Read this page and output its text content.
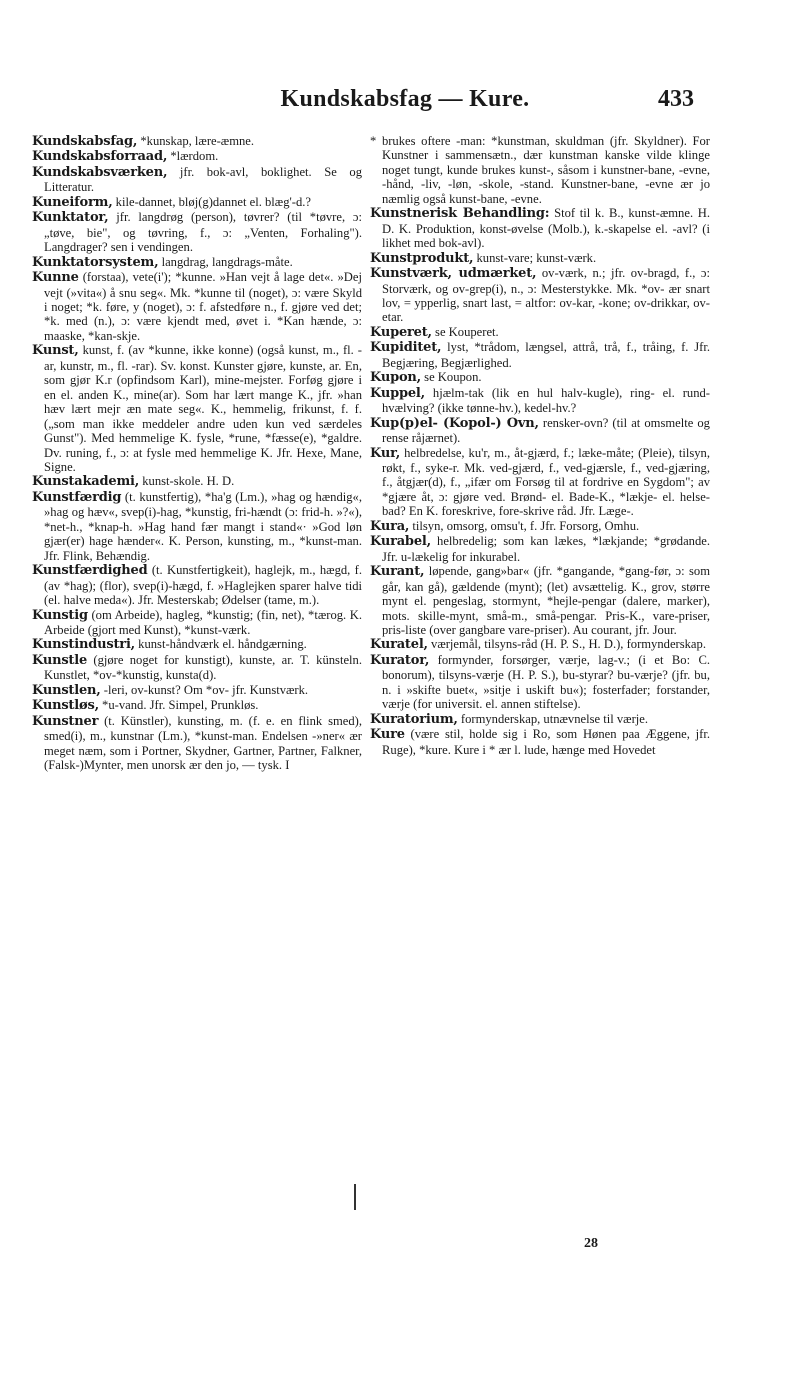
Kundskabsfag — Kure.	433

Kundskabsfag, *kunskap, lære-æmne.

Kundskabsforraad, *lærdom.

Kundskabsværken, jfr. bok-avl, boklighet. Se og Litteratur.

Kuneiform, kile-dannet, bløj(g)dannet el. blæg'-d.?

Kunktator, jfr. langdrøg (person), tøvrer? (til *tøvre, ɔ: „tøve, bie", og tøvring, f., ɔ: „Venten, Forhaling"). Langdrager? sen i vendingen.

Kunktatorsystem, langdrag, langdrags-måte.

Kunne (forstaa), vete(i'); *kunne. »Han vejt å lage det«. »Dej vejt (»vita«) å snu seg«. Mk. *kunne til (noget), ɔ: være Skyld i noget; *k. føre, y (noget), ɔ: f. afstedføre n., f. gjøre ved det; *k. med (n.), ɔ: være kjendt med, øvet i. *Kan hænde, ɔ: maaske, *kan-skje.

Kunst, kunst, f. (av *kunne, ikke konne) (også kunst, m., fl. -ar, kunstr, m., fl. -rar). Sv. konst. Kunster gjøre, kunste, ar. En, som gjør K.r (opfindsom Karl), mine-mejster. Forføg gjøre i en el. anden K., mine(ar). Som har lært mange K., jfr. »han hæv lært mejr æn mate seg«. K., hemmelig, frikunst, f. f. („som man ikke meddeler andre uden kun ved særdeles Gunst"). Med hemmelige K. fysle, *rune, *fæsse(e), *galdre. Dv. runing, f., ɔ: at fysle med hemmelige K. Jfr. Hexe, Mane, Signe.

Kunstakademi, kunst-skole. H. D.

Kunstfærdig (t. kunstfertig), *ha'g (Lm.), »hag og hændig«, »hag og hæv«, svep(i)-hag, *kunstig, fri-hændt (ɔ: frid-h. »?«), *net-h., *knap-h. »Hag hand fær mangt i stand«· »God løn gjær(er) hage hænder«. K. Person, kunsting, m., *kunst-man. Jfr. Flink, Behændig.

Kunstfærdighed (t. Kunstfertigkeit), haglejk, m., hægd, f. (av *hag); (flor), svep(i)-hægd, f. »Haglejken sparer halve tidi (el. halve meda«). Jfr. Mesterskab; Ødelser (tame, m.).

Kunstig (om Arbeide), hagleg, *kunstig; (fin, net), *tærog. K. Arbeide (gjort med Kunst), *kunst-værk.

Kunstindustri, kunst-håndværk el. håndgærning.

Kunstle (gjøre noget for kunstigt), kunste, ar. T. künsteln. Kunstlet, *ov-*kunstig, kunsta(d).

Kunstlen, -leri, ov-kunst? Om *ov- jfr. Kunstværk.

Kunstløs, *u-vand. Jfr. Simpel, Prunkløs.

Kunstner (t. Künstler), kunsting, m. (f. e. en flink smed), smed(i), m., kunstnar (Lm.), *kunst-man. Endelsen -»ner« ær meget næm, som i Portner, Skydner, Gartner, Partner, Falkner, (Falsk-)Mynter, men unorsk ær den jo, — tysk. I

* brukes oftere -man: *kunstman, skuldman (jfr. Skyldner). For Kunstner i sammensætn., dær kunstman kanske vilde klinge noget tungt, kunde brukes kunst-, såsom i kunstner-bane, -evne, -hånd, -liv, -løn, -skole, -stand. Kunstner-bane, -evne ær jo næmlig også kunst-bane, -evne.

Kunstnerisk Behandling: Stof til k. B., kunst-æmne. H. D. K. Produktion, konst-øvelse (Molb.), k.-skapelse el. -avl? (i likhet med bok-avl).

Kunstprodukt, kunst-vare; kunst-værk.

Kunstværk, udmærket, ov-værk, n.; jfr. ov-bragd, f., ɔ: Storværk, og ov-grep(i), n., ɔ: Mesterstykke. Mk. *ov- ær snart lov, = ypperlig, snart last, = altfor: ov-kar, -kone; ov-drikkar, ov-etar.

Kuperet, se Kouperet.

Kupiditet, lyst, *trådom, længsel, attrå, trå, f., tråing, f. Jfr. Begjæring, Begjærlighed.

Kupon, se Koupon.

Kuppel, hjælm-tak (lik en hul halv-kugle), ring- el. rund-hvælving? (ikke tønne-hv.), kedel-hv.?

Kup(p)el- (Kopol-) Ovn, rensker-ovn? (til at omsmelte og rense råjærnet).

Kur, helbredelse, ku'r, m., åt-gjærd, f.; læke-måte; (Pleie), tilsyn, røkt, f., syke-r. Mk. ved-gjærd, f., ved-gjærsle, f., ved-gjæring, f., åtgjær(d), f., „ifær om Forsøg til at fordrive en Sygdom"; av *gjære åt, ɔ: gjøre ved. Brønd- el. Bade-K., *lækje- el. helse-bad? En K. foreskrive, fore-skrive råd. Jfr. Læge-.

Kura, tilsyn, omsorg, omsu't, f. Jfr. Forsorg, Omhu.

Kurabel, helbredelig; som kan lækes, *lækjande; *grødande. Jfr. u-lækelig for inkurabel.

Kurant, løpende, gang»bar« (jfr. *gangande, *gang-før, ɔ: som går, kan gå), gældende (mynt); (let) avsættelig. K., grov, større mynt el. pengeslag, stormynt, *hejle-pengar (dalere, marker), mots. skille-mynt, små-m., små-pengar. Pris-K., vare-priser, pris-liste (over gangbare vare-priser). Au courant, jfr. Jour.

Kuratel, værjemål, tilsyns-råd (H. P. S., H. D.), formynderskap.

Kurator, formynder, forsørger, værje, lag-v.; (i et Bo: C. bonorum), tilsyns-værje (H. P. S.), bu-styrar? bu-værje? (jfr. bu, n. i »skifte buet«, »sitje i uskift bu«); fosterfader; forstander, værje (for universit. el. annen stiftelse).

Kuratorium, formynderskap, utnævnelse til værje.

Kure (være stil, holde sig i Ro, som Hønen paa Æggene, jfr. Ruge), *kure. Kure i * ær l. lude, hænge med Hovedet

28
